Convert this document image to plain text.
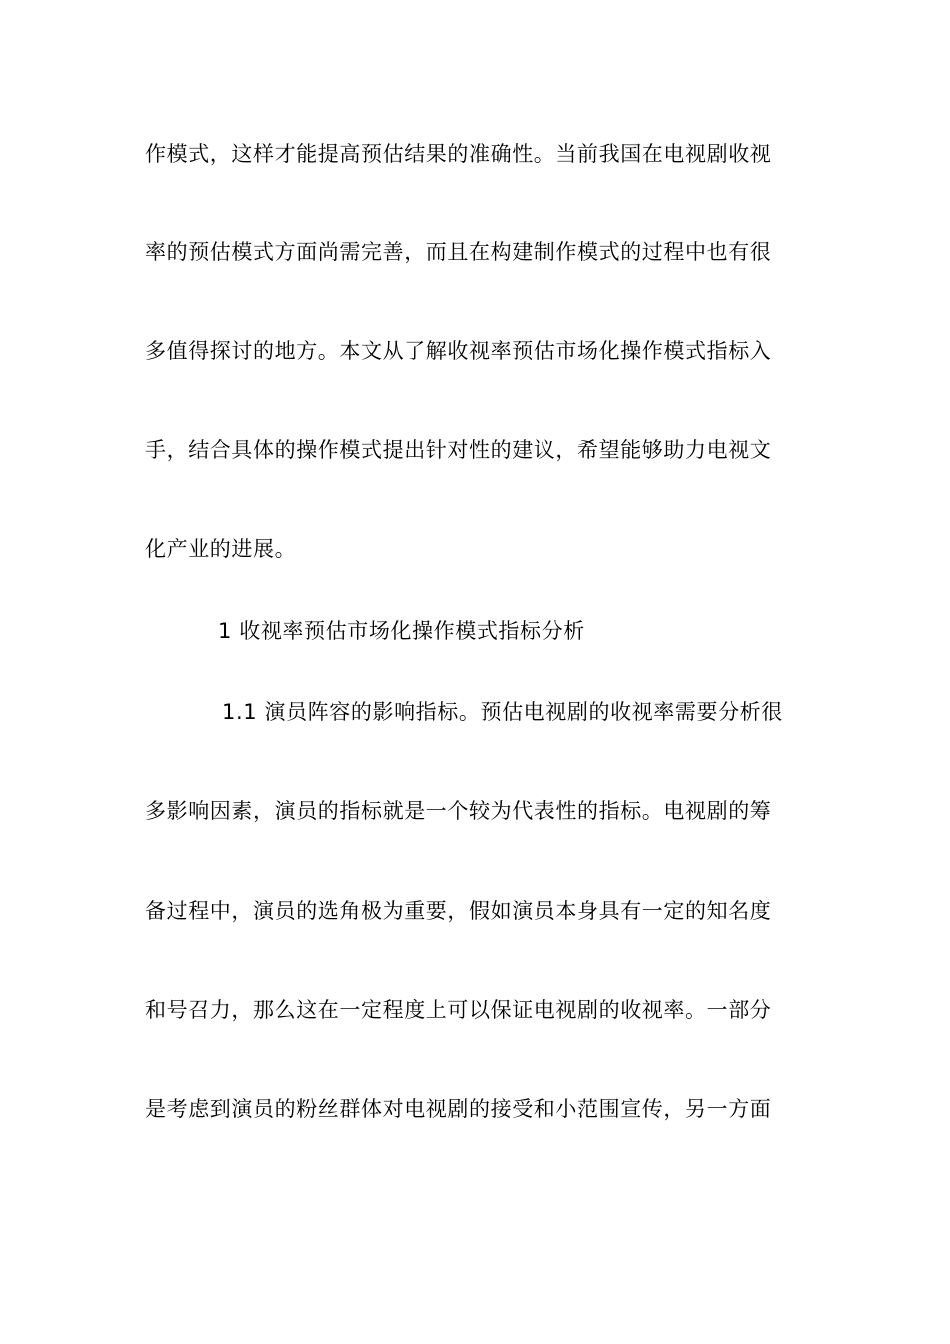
作模式，这样才能提高预估结果的准确性。当前我国在电视剧收视
率的预估模式方面尚需完善，而且在构建制作模式的过程中也有很
多值得探讨的地方。本文从了解收视率预估市场化操作模式指标入
手，结合具体的操作模式提出针对性的建议，希望能够助力电视文
化产业的进展。
1 收视率预估市场化操作模式指标分析
1.1 演员阵容的影响指标。预估电视剧的收视率需要分析很
多影响因素，演员的指标就是一个较为代表性的指标。电视剧的筹
备过程中，演员的选角极为重要，假如演员本身具有一定的知名度
和号召力，那么这在一定程度上可以保证电视剧的收视率。一部分
是考虑到演员的粉丝群体对电视剧的接受和小范围宣传，另一方面
